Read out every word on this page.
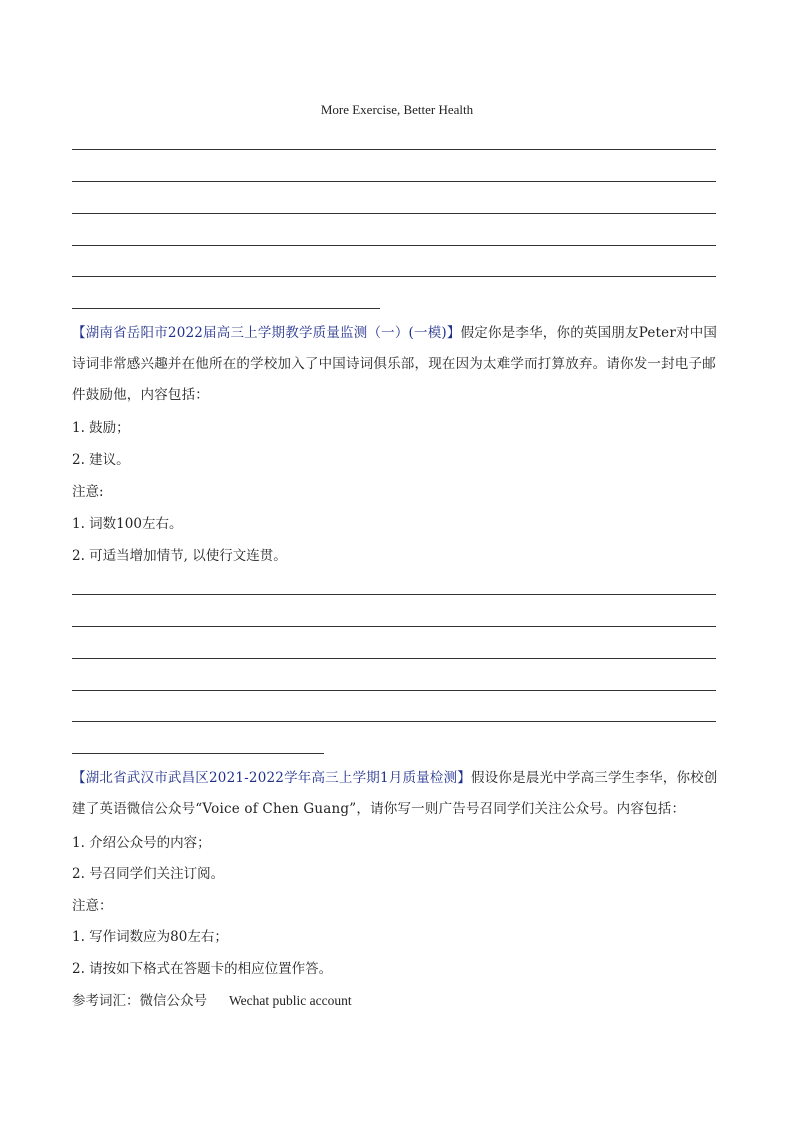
More Exercise, Better Health
【湖南省岳阳市2022届高三上学期教学质量监测（一）(一模)】假定你是李华，你的英国朋友Peter对中国诗词非常感兴趣并在他所在的学校加入了中国诗词俱乐部，现在因为太难学而打算放弃。请你发一封电子邮件鼓励他，内容包括：
1. 鼓励；
2. 建议。
注意:
1. 词数100左右。
2. 可适当增加情节, 以使行文连贯。
【湖北省武汉市武昌区2021-2022学年高三上学期1月质量检测】假设你是晨光中学高三学生李华，你校创建了英语微信公众号“Voice of Chen Guang”，请你写一则广告号召同学们关注公众号。内容包括：
1. 介绍公众号的内容；
2. 号召同学们关注订阅。
注意：
1. 写作词数应为80左右；
2. 请按如下格式在答题卡的相应位置作答。
参考词汇：微信公众号 Wechat public account
